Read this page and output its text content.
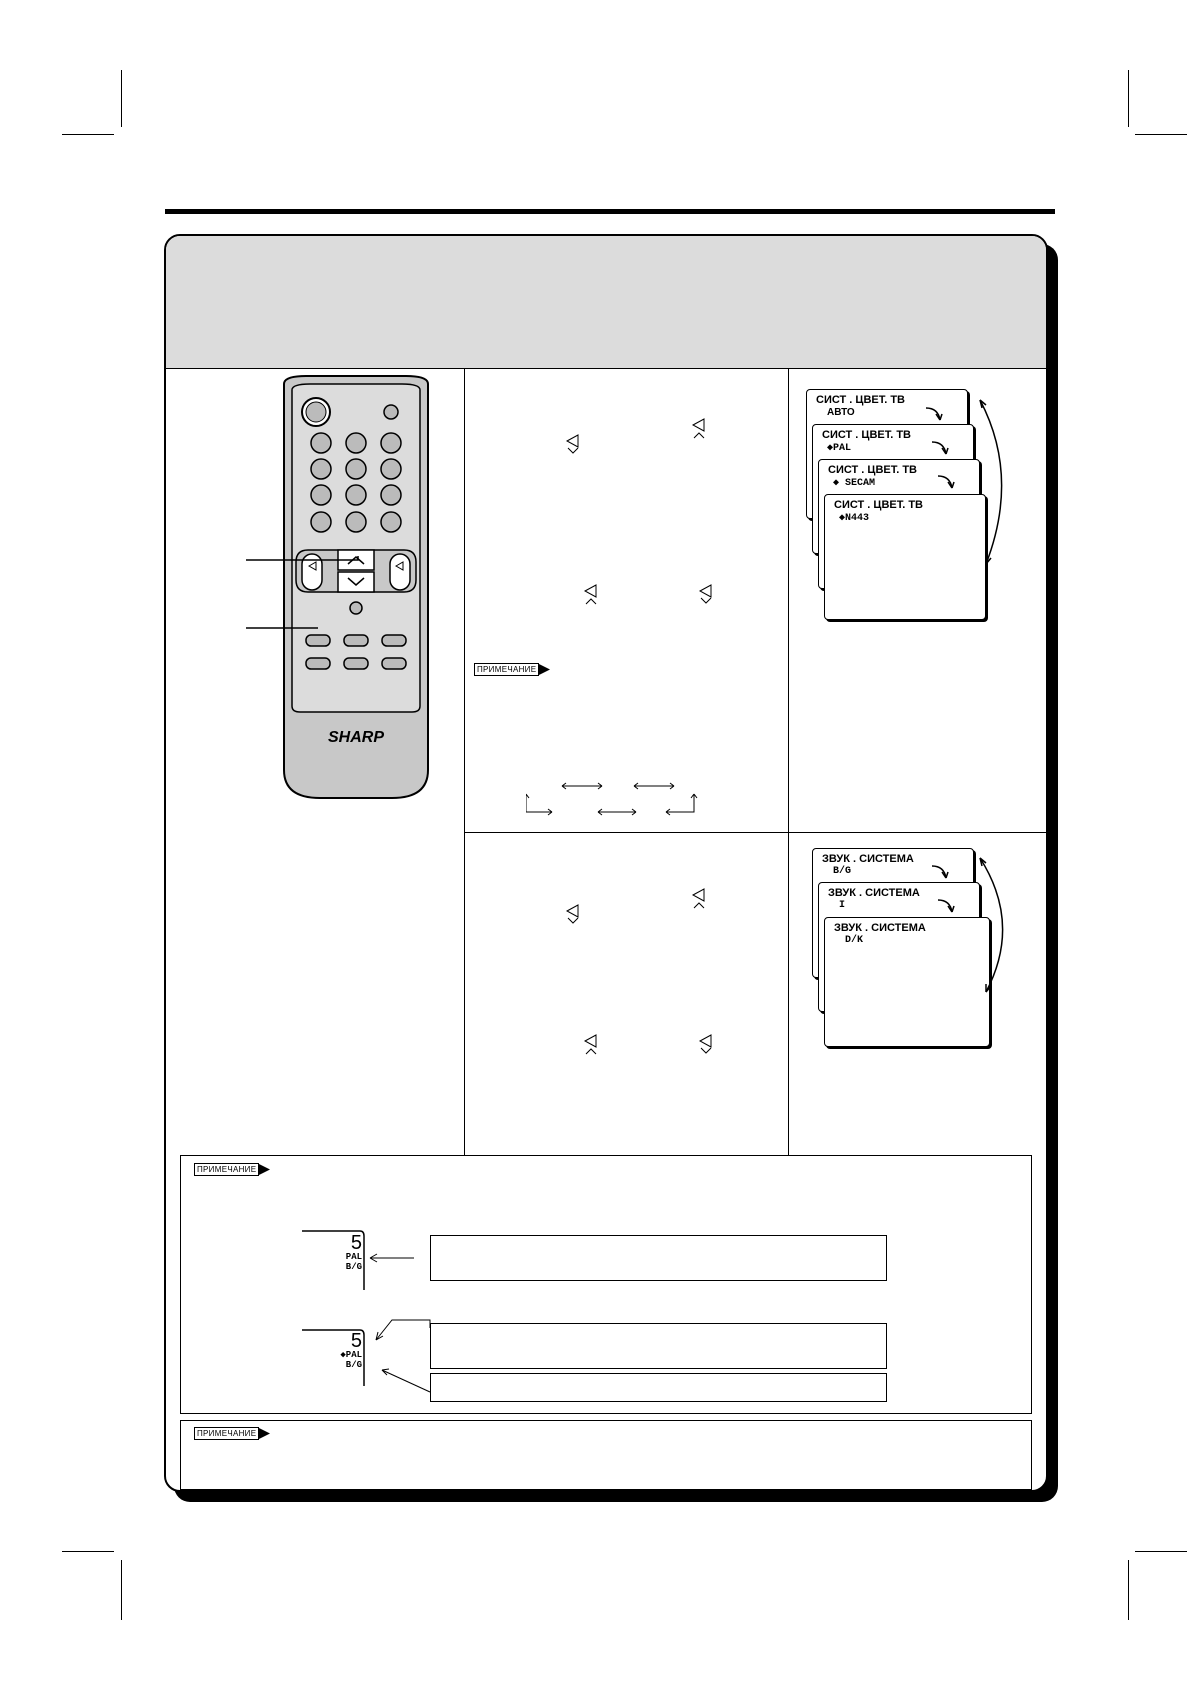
SHARP
ПРИМЕЧАНИЕ
СИСТ . ЦВЕТ. ТВ
АВТО
СИСТ . ЦВЕТ. ТВ
◆PAL
СИСТ . ЦВЕТ. ТВ
◆ SECAM
СИСТ . ЦВЕТ. ТВ
◆N443
ЗВУК . СИСТЕМА
B/G
ЗВУК . СИСТЕМА
I
ЗВУК . СИСТЕМА
D/K
ПРИМЕЧАНИЕ
5
PAL
B/G
5
◆PAL
B/G
ПРИМЕЧАНИЕ
